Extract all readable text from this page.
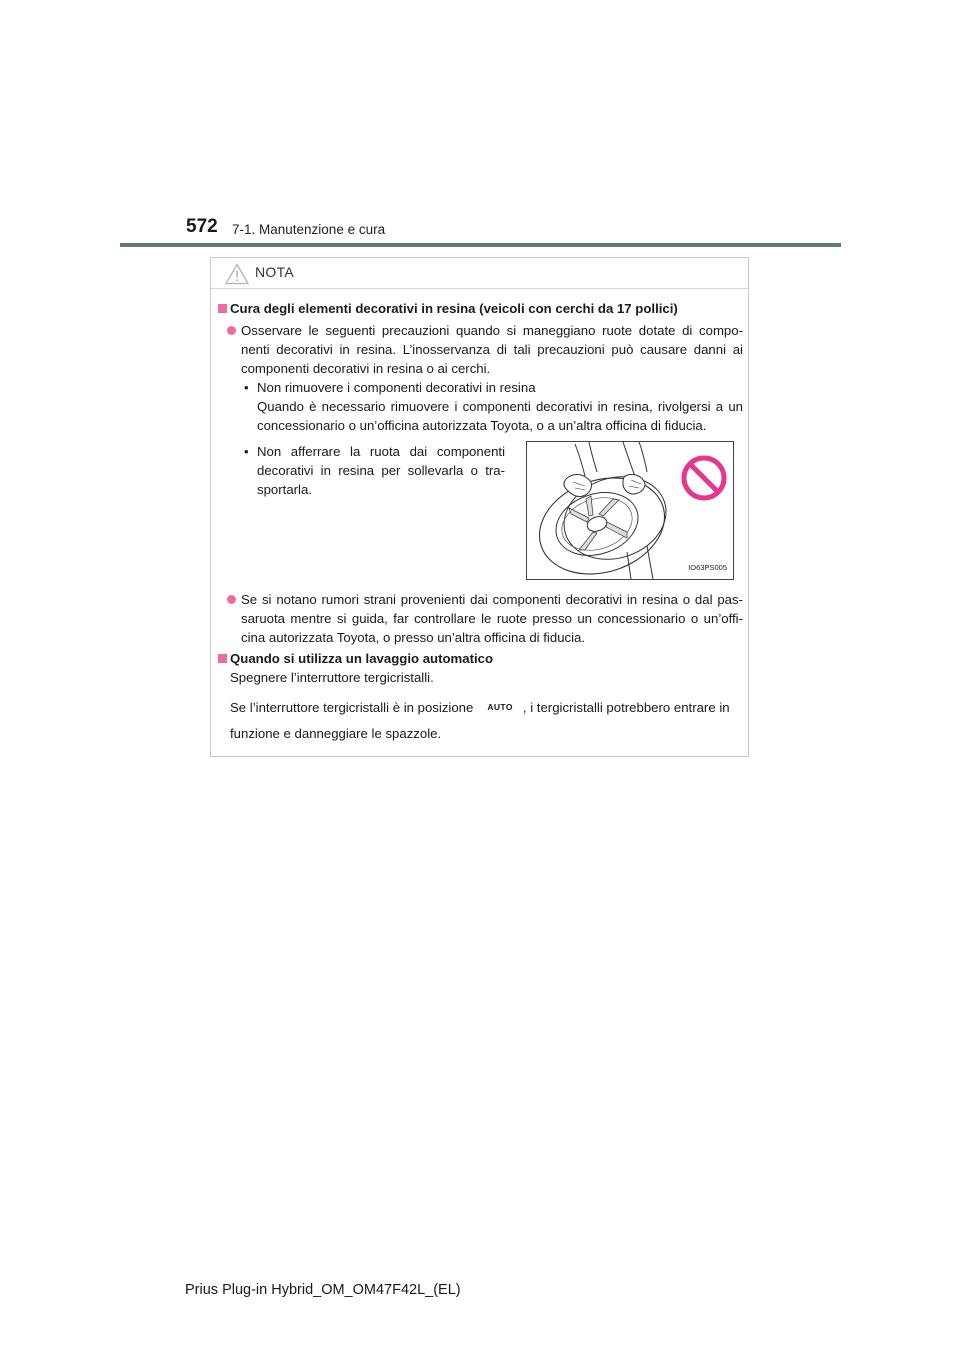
572 7-1. Manutenzione e cura
NOTA
Cura degli elementi decorativi in resina (veicoli con cerchi da 17 pollici)
Osservare le seguenti precauzioni quando si maneggiano ruote dotate di compo- nenti decorativi in resina. L’inosservanza di tali precauzioni può causare danni ai componenti decorativi in resina o ai cerchi.
• Non rimuovere i componenti decorativi in resina
Quando è necessario rimuovere i componenti decorativi in resina, rivolgersi a un concessionario o un’officina autorizzata Toyota, o a un’altra officina di fiducia.
• Non afferrare la ruota dai componenti decorativi in resina per sollevarla o tra- sportarla.
IO63PS005
Se si notano rumori strani provenienti dai componenti decorativi in resina o dal pas- saruota mentre si guida, far controllare le ruote presso un concessionario o un’offi- cina autorizzata Toyota, o presso un’altra officina di fiducia.
Quando si utilizza un lavaggio automatico
Spegnere l’interruttore tergicristalli.
Se l’interruttore tergicristalli è in posizione AUTO , i tergicristalli potrebbero entrare in
funzione e danneggiare le spazzole.
Prius Plug-in Hybrid_OM_OM47F42L_(EL)
